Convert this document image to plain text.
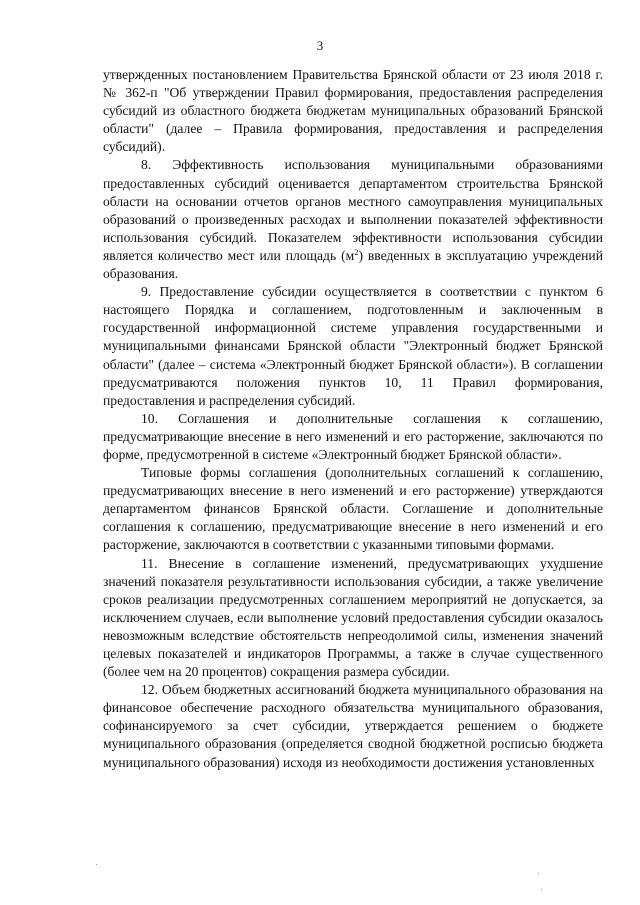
3

утвержденных постановлением Правительства Брянской области от 23 июля 2018 г. № 362-п "Об утверждении Правил формирования, предоставления распределения субсидий из областного бюджета бюджетам муниципальных образований Брянской области" (далее – Правила формирования, предоставления и распределения субсидий).

8. Эффективность использования муниципальными образованиями предоставленных субсидий оценивается департаментом строительства Брянской области на основании отчетов органов местного самоуправления муниципальных образований о произведенных расходах и выполнении показателей эффективности использования субсидий. Показателем эффективности использования субсидии является количество мест или площадь $(м^2)$ введенных в эксплуатацию учреждений образования.

9. Предоставление субсидии осуществляется в соответствии с пунктом 6 настоящего Порядка и соглашением, подготовленным и заключенным в государственной информационной системе управления государственными и муниципальными финансами Брянской области "Электронный бюджет Брянской области" (далее – система «Электронный бюджет Брянской области»). В соглашении предусматриваются положения пунктов 10, 11 Правил формирования, предоставления и распределения субсидий.

10. Соглашения и дополнительные соглашения к соглашению, предусматривающие внесение в него изменений и его расторжение, заключаются по форме, предусмотренной в системе «Электронный бюджет Брянской области».

Типовые формы соглашения (дополнительных соглашений к соглашению, предусматривающих внесение в него изменений и его расторжение) утверждаются департаментом финансов Брянской области. Соглашение и дополнительные соглашения к соглашению, предусматривающие внесение в него изменений и его расторжение, заключаются в соответствии с указанными типовыми формами.

11. Внесение в соглашение изменений, предусматривающих ухудшение значений показателя результативности использования субсидии, а также увеличение сроков реализации предусмотренных соглашением мероприятий не допускается, за исключением случаев, если выполнение условий предоставления субсидии оказалось невозможным вследствие обстоятельств непреодолимой силы, изменения значений целевых показателей и индикаторов Программы, а также в случае существенного (более чем на 20 процентов) сокращения размера субсидии.

12. Объем бюджетных ассигнований бюджета муниципального образования на финансовое обеспечение расходного обязательства муниципального образования, софинансируемого за счет субсидии, утверждается решением о бюджете муниципального образования (определяется сводной бюджетной росписью бюджета муниципального образования) исходя из необходимости достижения установленных
